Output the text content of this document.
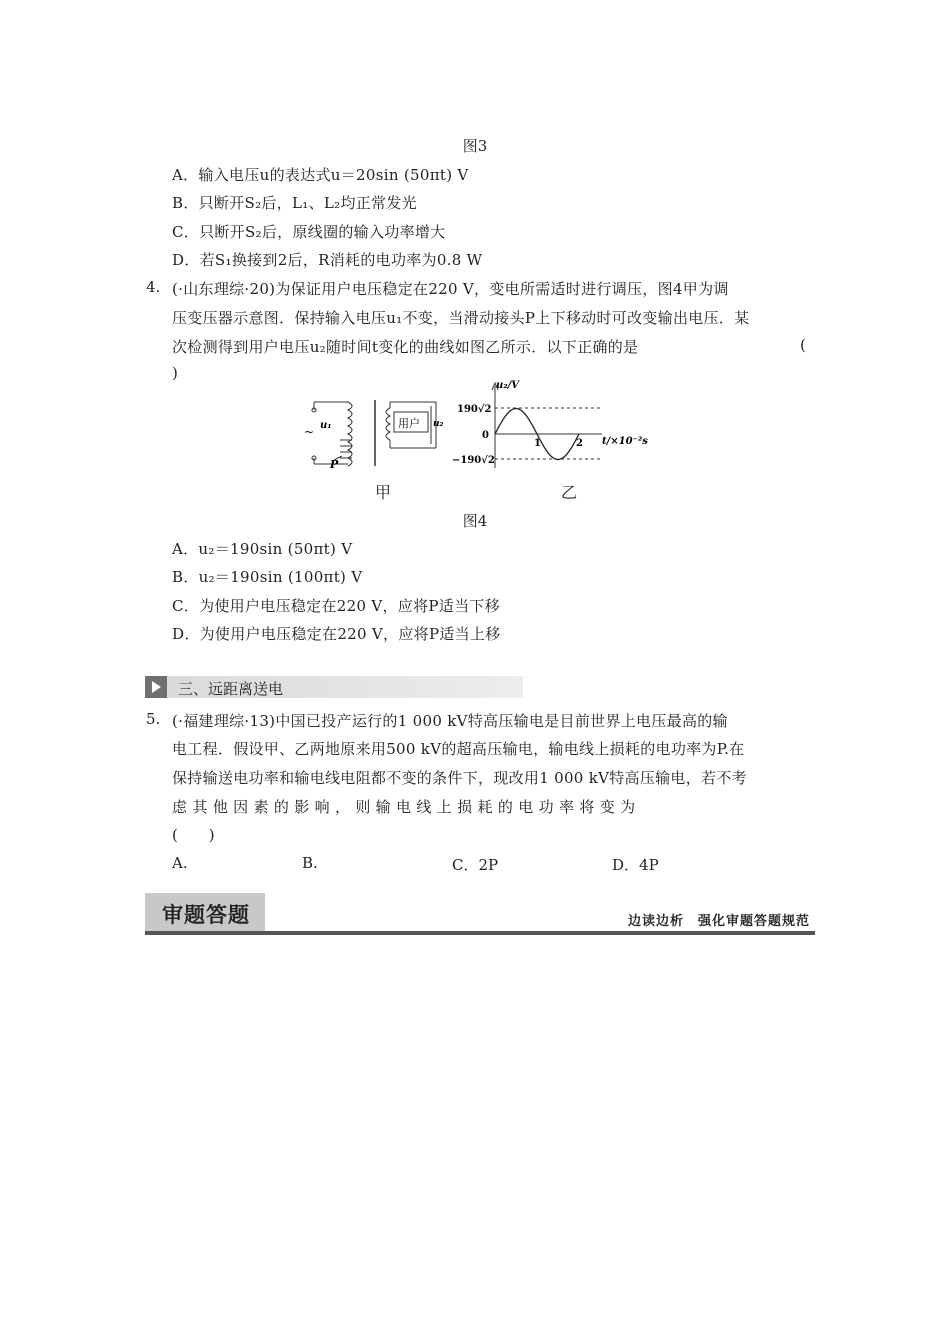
图3
A．输入电压u的表达式u＝20sin (50πt) V
B．只断开S₂后，L₁、L₂均正常发光
C．只断开S₂后，原线圈的输入功率增大
D．若S₁换接到2后，R消耗的电功率为0.8 W
4. (·山东理综·20)为保证用户电压稳定在220 V，变电所需适时进行调压，图4甲为调
压变压器示意图．保持输入电压u₁不变，当滑动接头P上下移动时可改变输出电压．某
次检测得到用户电压u₂随时间t变化的曲线如图乙所示．以下正确的是	(
)
~ u₁
P
用户 u₂
u₂/V
190√2
0
−190√2
1	2 t/×10⁻²s
甲	乙
图4
A．u₂＝190sin (50πt) V
B．u₂＝190sin (100πt) V
C．为使用户电压稳定在220 V，应将P适当下移
D．为使用户电压稳定在220 V，应将P适当上移
三、远距离送电
5. (·福建理综·13)中国已投产运行的1 000 kV特高压输电是目前世界上电压最高的输
电工程．假设甲、乙两地原来用500 kV的超高压输电，输电线上损耗的电功率为P.在
保持输送电功率和输电线电阻都不变的条件下，现改用1 000 kV特高压输电，若不考
虑 其 他 因 素 的 影 响 ， 则 输 电 线 上 损 耗 的 电 功 率 将 变 为
(　　)
A.	B.	C．2P	D．4P
审题答题	边读边析　强化审题答题规范
